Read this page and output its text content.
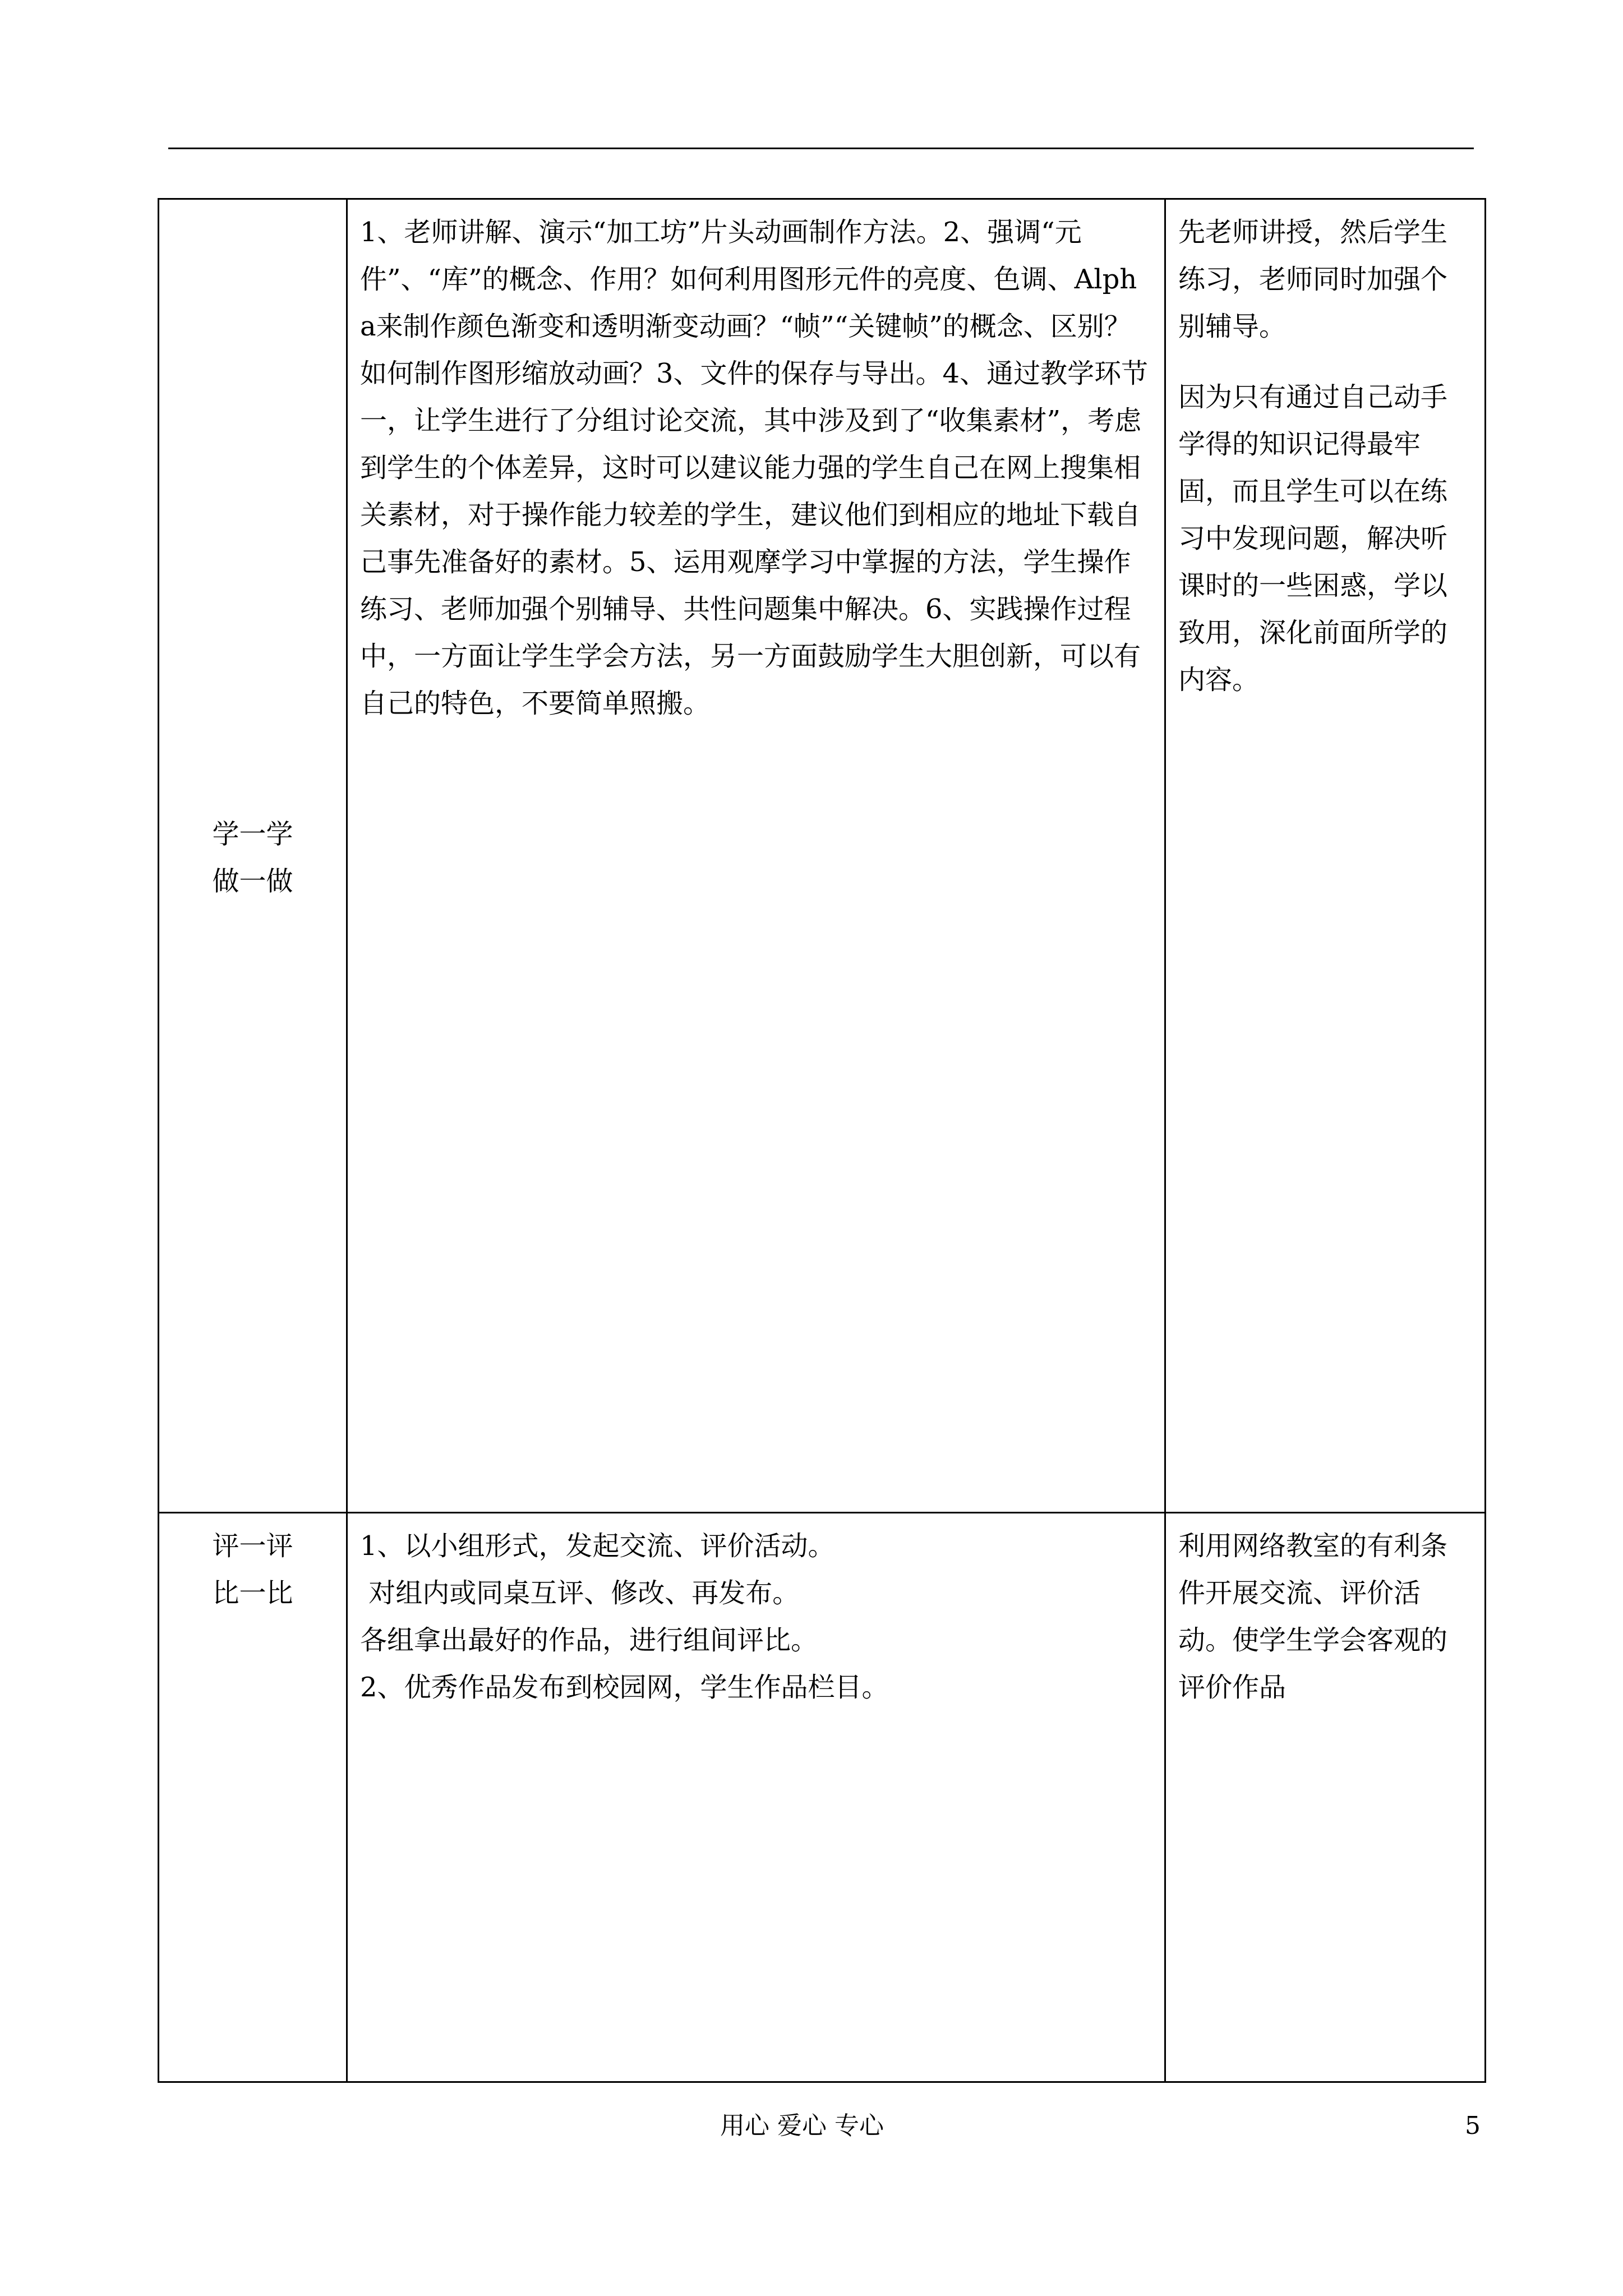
学一学
做一做	1、老师讲解、演示“加工坊”片头动画制作方法。2、强调“元件”、“库”的概念、作用？如何利用图形元件的亮度、色调、Alpha来制作颜色渐变和透明渐变动画？“帧”“关键帧”的概念、区别？如何制作图形缩放动画？3、文件的保存与导出。4、通过教学环节一，让学生进行了分组讨论交流，其中涉及到了“收集素材”，考虑到学生的个体差异，这时可以建议能力强的学生自己在网上搜集相关素材，对于操作能力较差的学生，建议他们到相应的地址下载自己事先准备好的素材。5、运用观摩学习中掌握的方法，学生操作练习、老师加强个别辅导、共性问题集中解决。6、实践操作过程中，一方面让学生学会方法，另一方面鼓励学生大胆创新，可以有自己的特色，不要简单照搬。	先老师讲授，然后学生练习，老师同时加强个别辅导。
因为只有通过自己动手学得的知识记得最牢固，而且学生可以在练习中发现问题，解决听课时的一些困惑，学以致用，深化前面所学的内容。

评一评
比一比	1、以小组形式，发起交流、评价活动。
对组内或同桌互评、修改、再发布。
各组拿出最好的作品，进行组间评比。
2、优秀作品发布到校园网，学生作品栏目。	利用网络教室的有利条件开展交流、评价活动。使学生学会客观的评价作品
用心 爱心 专心	5
